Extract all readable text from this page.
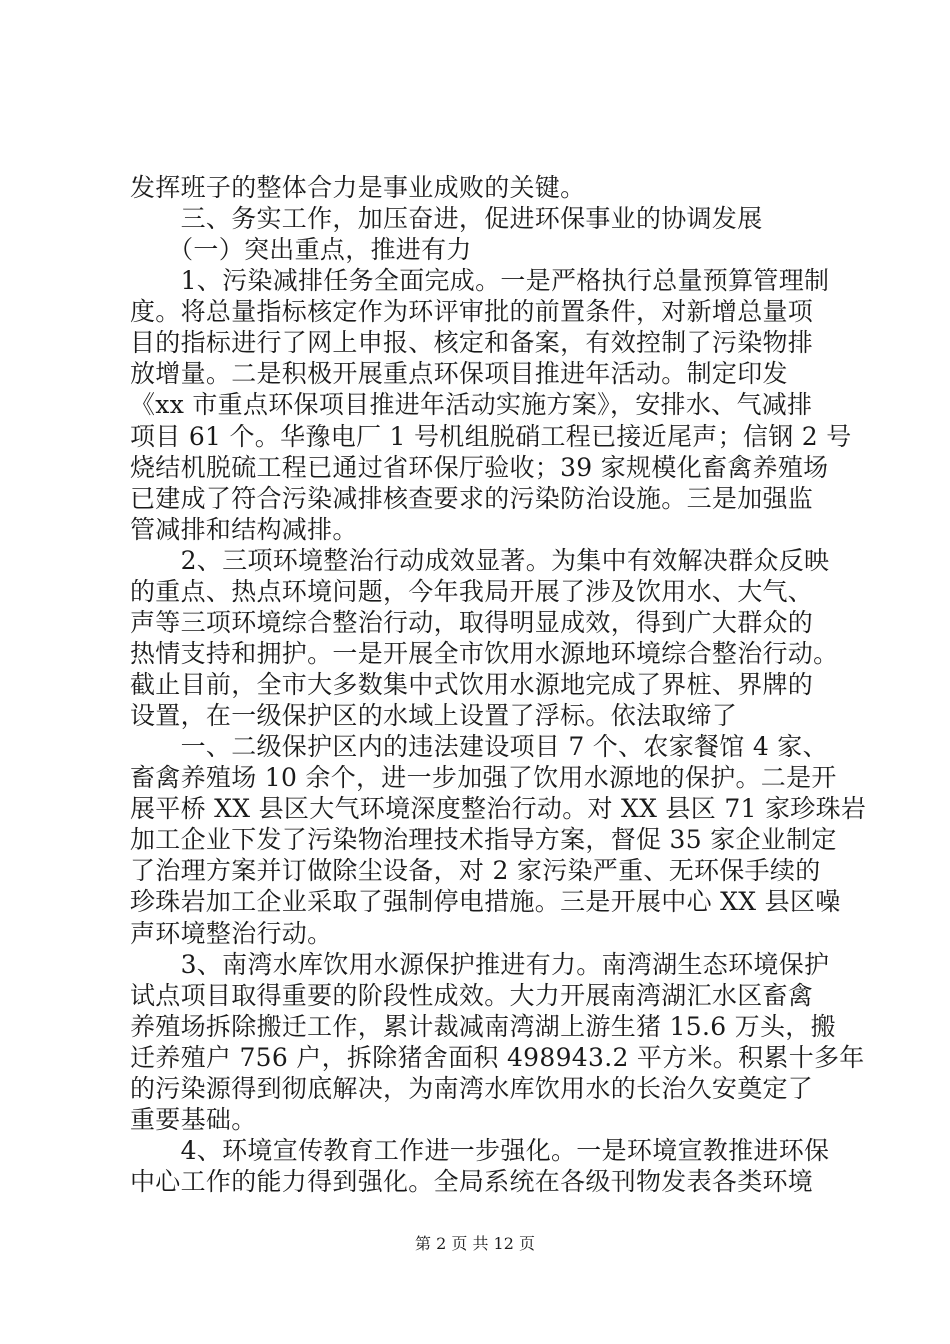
发挥班子的整体合力是事业成败的关键。
　　三、务实工作，加压奋进，促进环保事业的协调发展
　　（一）突出重点，推进有力
　　1、污染减排任务全面完成。一是严格执行总量预算管理制
度。将总量指标核定作为环评审批的前置条件，对新增总量项
目的指标进行了网上申报、核定和备案，有效控制了污染物排
放增量。二是积极开展重点环保项目推进年活动。制定印发
《xx 市重点环保项目推进年活动实施方案》，安排水、气减排
项目 61 个。华豫电厂 1 号机组脱硝工程已接近尾声；信钢 2 号
烧结机脱硫工程已通过省环保厅验收；39 家规模化畜禽养殖场
已建成了符合污染减排核查要求的污染防治设施。三是加强监
管减排和结构减排。
　　2、三项环境整治行动成效显著。为集中有效解决群众反映
的重点、热点环境问题，今年我局开展了涉及饮用水、大气、
声等三项环境综合整治行动，取得明显成效，得到广大群众的
热情支持和拥护。一是开展全市饮用水源地环境综合整治行动。
截止目前，全市大多数集中式饮用水源地完成了界桩、界牌的
设置，在一级保护区的水域上设置了浮标。依法取缔了
　　一、二级保护区内的违法建设项目 7 个、农家餐馆 4 家、
畜禽养殖场 10 余个，进一步加强了饮用水源地的保护。二是开
展平桥 XX 县区大气环境深度整治行动。对 XX 县区 71 家珍珠岩
加工企业下发了污染物治理技术指导方案，督促 35 家企业制定
了治理方案并订做除尘设备，对 2 家污染严重、无环保手续的
珍珠岩加工企业采取了强制停电措施。三是开展中心 XX 县区噪
声环境整治行动。
　　3、南湾水库饮用水源保护推进有力。南湾湖生态环境保护
试点项目取得重要的阶段性成效。大力开展南湾湖汇水区畜禽
养殖场拆除搬迁工作，累计裁减南湾湖上游生猪 15.6 万头，搬
迁养殖户 756 户，拆除猪舍面积 498943.2 平方米。积累十多年
的污染源得到彻底解决，为南湾水库饮用水的长治久安奠定了
重要基础。
　　4、环境宣传教育工作进一步强化。一是环境宣教推进环保
中心工作的能力得到强化。全局系统在各级刊物发表各类环境
第 2 页 共 12 页
